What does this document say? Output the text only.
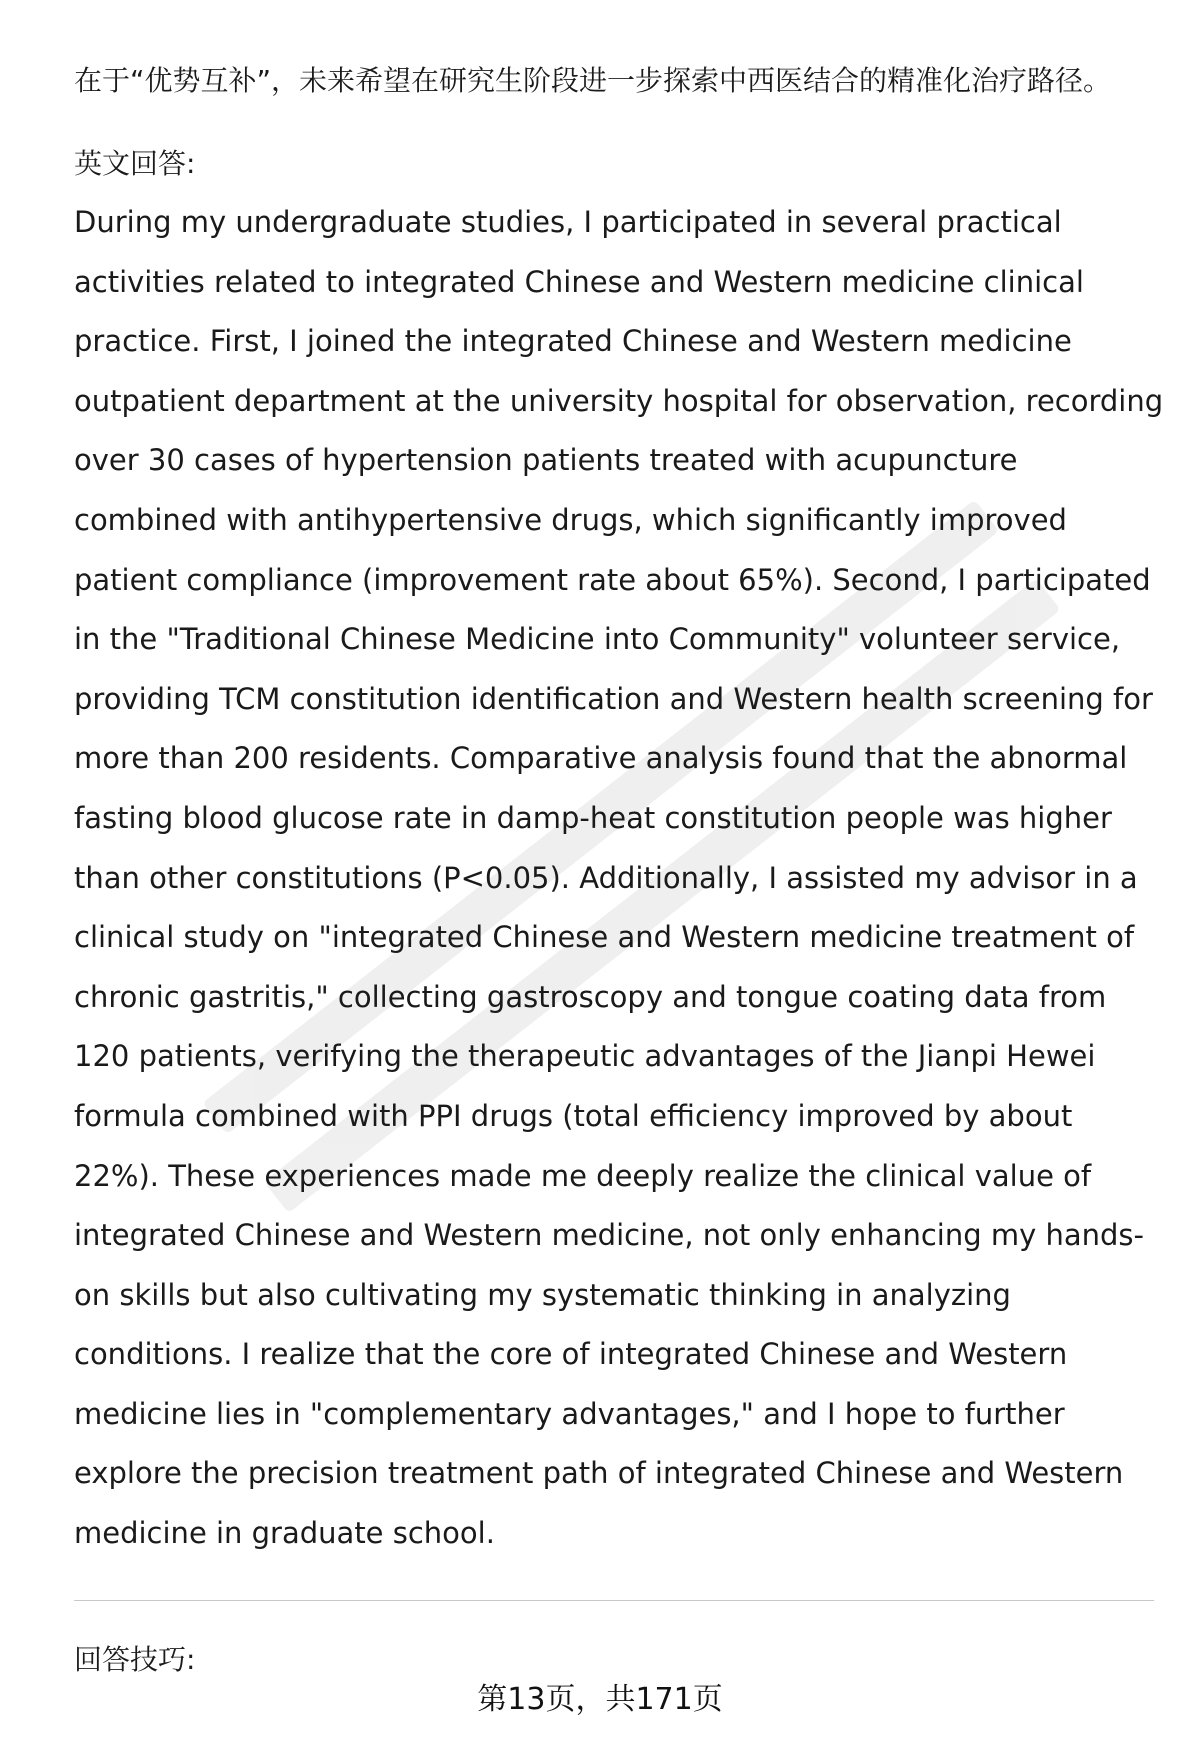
在于“优势互补”，未来希望在研究生阶段进一步探索中西医结合的精准化治疗路径。

英文回答:

During my undergraduate studies, I participated in several practical activities related to integrated Chinese and Western medicine clinical practice. First, I joined the integrated Chinese and Western medicine outpatient department at the university hospital for observation, recording over 30 cases of hypertension patients treated with acupuncture combined with antihypertensive drugs, which significantly improved patient compliance (improvement rate about 65%). Second, I participated in the "Traditional Chinese Medicine into Community" volunteer service, providing TCM constitution identification and Western health screening for more than 200 residents. Comparative analysis found that the abnormal fasting blood glucose rate in damp-heat constitution people was higher than other constitutions (P<0.05). Additionally, I assisted my advisor in a clinical study on "integrated Chinese and Western medicine treatment of chronic gastritis," collecting gastroscopy and tongue coating data from 120 patients, verifying the therapeutic advantages of the Jianpi Hewei formula combined with PPI drugs (total efficiency improved by about 22%). These experiences made me deeply realize the clinical value of integrated Chinese and Western medicine, not only enhancing my hands-on skills but also cultivating my systematic thinking in analyzing conditions. I realize that the core of integrated Chinese and Western medicine lies in "complementary advantages," and I hope to further explore the precision treatment path of integrated Chinese and Western medicine in graduate school.

回答技巧:
第13页，共171页
